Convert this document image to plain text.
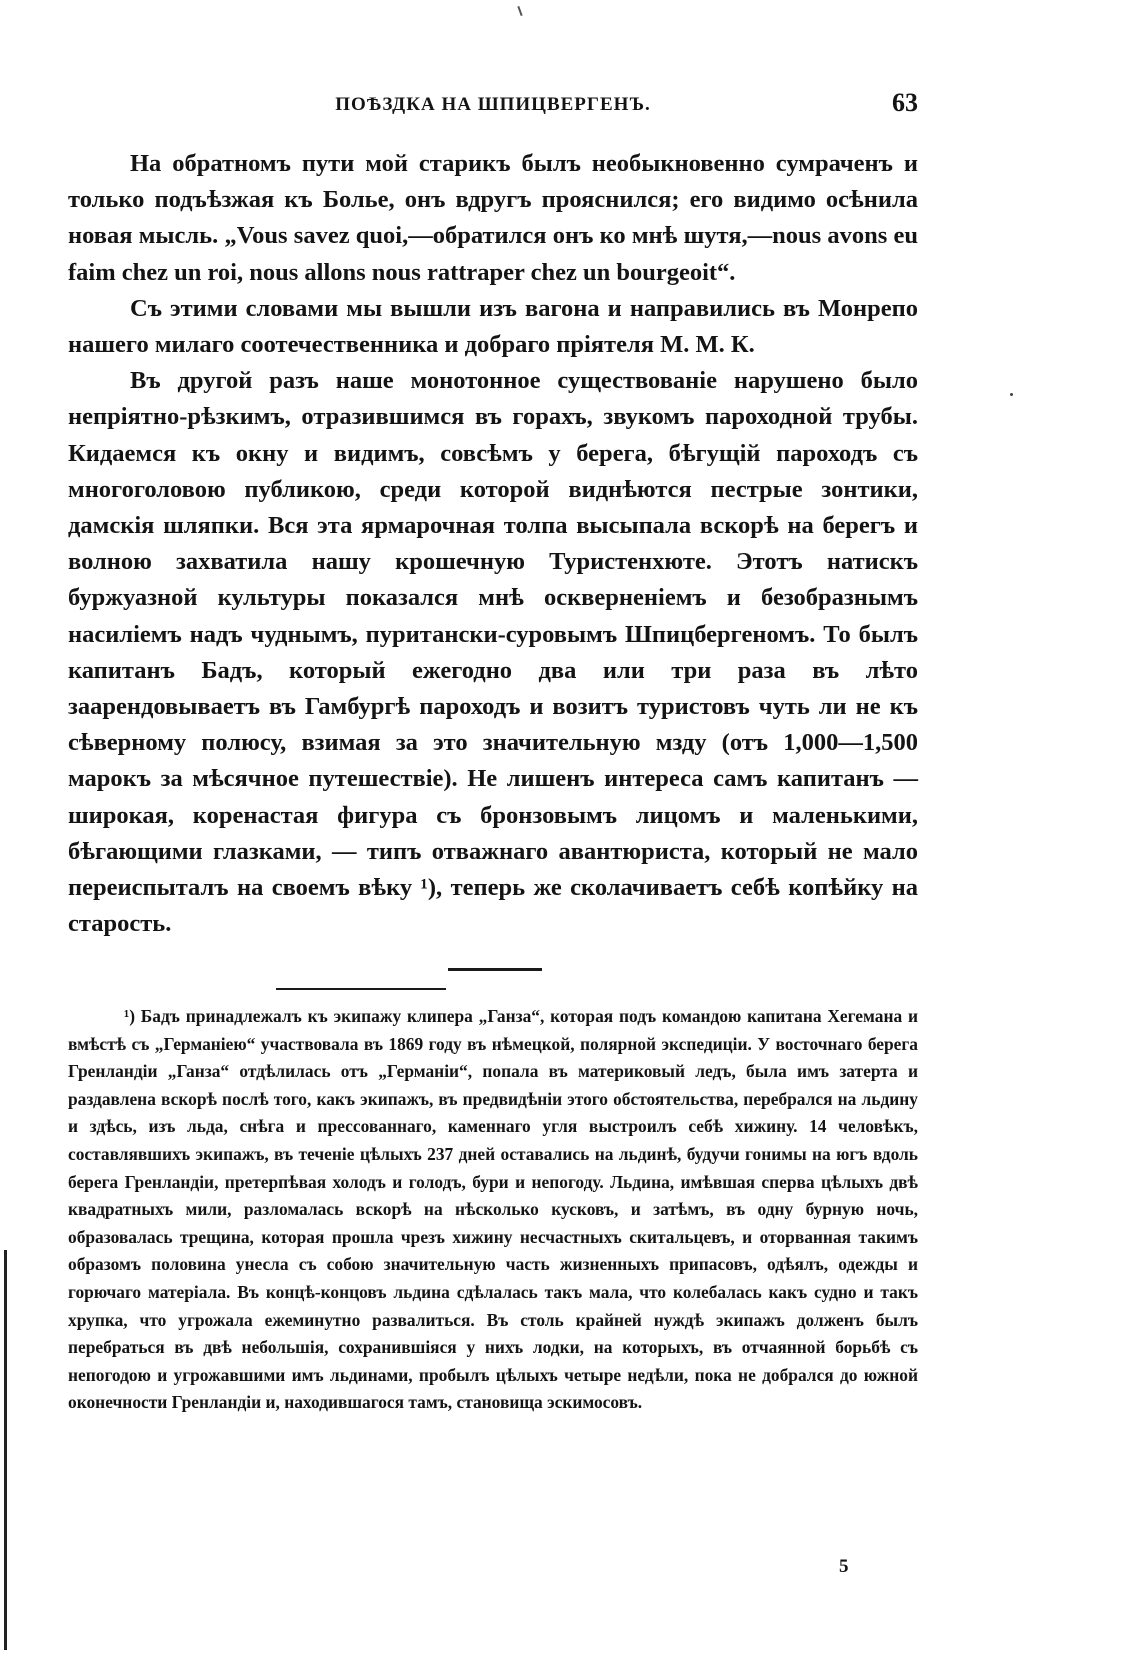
ПОѢЗДКА НА ШПИЦВЕРГЕНЪ.	63

На обратномъ пути мой старикъ былъ необыкновенно сумраченъ и только подъѣзжая къ Болье, онъ вдругъ прояснился; его видимо осѣнила новая мысль. „Vous savez quoi,—обратился онъ ко мнѣ шутя,—nous avons eu faim chez un roi, nous allons nous rattraper chez un bourgeoit“.

Съ этими словами мы вышли изъ вагона и направились въ Монрепо нашего милаго соотечественника и добраго пріятеля М. М. К.

Въ другой разъ наше монотонное существованіе нарушено было непріятно-рѣзкимъ, отразившимся въ горахъ, звукомъ пароходной трубы. Кидаемся къ окну и видимъ, совсѣмъ у берега, бѣгущій пароходъ съ многоголовою публикою, среди которой виднѣются пестрые зонтики, дамскія шляпки. Вся эта ярмарочная толпа высыпала вскорѣ на берегъ и волною захватила нашу крошечную Туристенхюте. Этотъ натискъ буржуазной культуры показался мнѣ оскверненіемъ и безобразнымъ насиліемъ надъ чуднымъ, пуритански-суровымъ Шпицбергеномъ. То былъ капитанъ Бадъ, который ежегодно два или три раза въ лѣто заарендовываетъ въ Гамбургѣ пароходъ и возитъ туристовъ чуть ли не къ сѣверному полюсу, взимая за это значительную мзду (отъ 1,000—1,500 марокъ за мѣсячное путешествіе). Не лишенъ интереса самъ капитанъ — широкая, коренастая фигура съ бронзовымъ лицомъ и маленькими, бѣгающими глазками, — типъ отважнаго авантюриста, который не мало переиспыталъ на своемъ вѣку ¹), теперь же сколачиваетъ себѣ копѣйку на старость.

¹) Бадъ принадлежалъ къ экипажу клипера „Ганза“, которая подъ командою капитана Хегемана и вмѣстѣ съ „Германіею“ участвовала въ 1869 году въ нѣмецкой, полярной экспедиціи. У восточнаго берега Гренландіи „Ганза“ отдѣлилась отъ „Германіи“, попала въ материковый ледъ, была имъ затерта и раздавлена вскорѣ послѣ того, какъ экипажъ, въ предвидѣніи этого обстоятельства, перебрался на льдину и здѣсь, изъ льда, снѣга и прессованнаго, каменнаго угля выстроилъ себѣ хижину. 14 человѣкъ, составлявшихъ экипажъ, въ теченіе цѣлыхъ 237 дней оставались на льдинѣ, будучи гонимы на югъ вдоль берега Гренландіи, претерпѣвая холодъ и голодъ, бури и непогоду. Льдина, имѣвшая сперва цѣлыхъ двѣ квадратныхъ мили, разломалась вскорѣ на нѣсколько кусковъ, и затѣмъ, въ одну бурную ночь, образовалась трещина, которая прошла чрезъ хижину несчастныхъ скитальцевъ, и оторванная такимъ образомъ половина унесла съ собою значительную часть жизненныхъ припасовъ, одѣялъ, одежды и горючаго матеріала. Въ концѣ-концовъ льдина сдѣлалась такъ мала, что колебалась какъ судно и такъ хрупка, что угрожала ежеминутно развалиться. Въ столь крайней нуждѣ экипажъ долженъ былъ перебраться въ двѣ небольшія, сохранившіяся у нихъ лодки, на которыхъ, въ отчаянной борьбѣ съ непогодою и угрожавшими имъ льдинами, пробылъ цѣлыхъ четыре недѣли, пока не добрался до южной оконечности Гренландіи и, находившагося тамъ, становища эскимосовъ.

5
